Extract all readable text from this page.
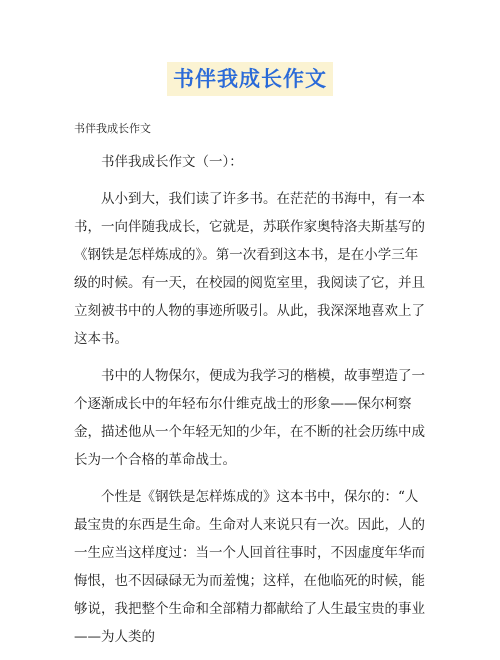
书伴我成长作文
书伴我成长作文

书伴我成长作文（一）：

从小到大，我们读了许多书。在茫茫的书海中，有一本书，一向伴随我成长，它就是，苏联作家奥特洛夫斯基写的《钢铁是怎样炼成的》。第一次看到这本书，是在小学三年级的时候。有一天，在校园的阅览室里，我阅读了它，并且立刻被书中的人物的事迹所吸引。从此，我深深地喜欢上了这本书。

书中的人物保尔，便成为我学习的楷模，故事塑造了一个逐渐成长中的年轻布尔什维克战士的形象——保尔柯察金，描述他从一个年轻无知的少年，在不断的社会历练中成长为一个合格的革命战士。

个性是《钢铁是怎样炼成的》这本书中，保尔的：“人最宝贵的东西是生命。生命对人来说只有一次。因此，人的一生应当这样度过：当一个人回首往事时，不因虚度年华而悔恨，也不因碌碌无为而羞愧；这样，在他临死的时候，能够说，我把整个生命和全部精力都献给了人生最宝贵的事业——为人类的
